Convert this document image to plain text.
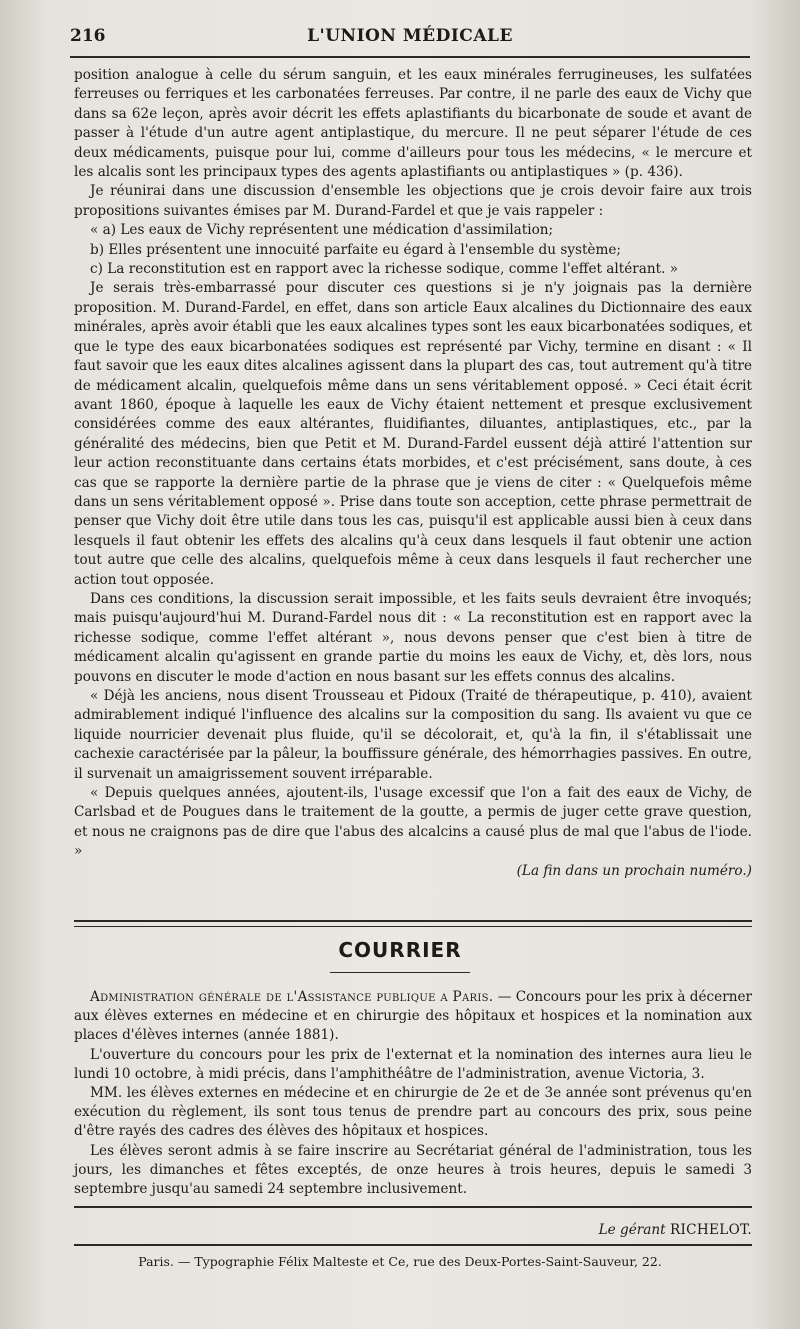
216	L'UNION MÉDICALE

position analogue à celle du sérum sanguin, et les eaux minérales ferrugineuses, les sulfatées ferreuses ou ferriques et les carbonatées ferreuses. Par contre, il ne parle des eaux de Vichy que dans sa 62e leçon, après avoir décrit les effets aplastifiants du bicarbonate de soude et avant de passer à l'étude d'un autre agent antiplastique, du mercure. Il ne peut séparer l'étude de ces deux médicaments, puisque pour lui, comme d'ailleurs pour tous les médecins, « le mercure et les alcalis sont les principaux types des agents aplastifiants ou antiplastiques » (p. 436).

Je réunirai dans une discussion d'ensemble les objections que je crois devoir faire aux trois propositions suivantes émises par M. Durand-Fardel et que je vais rappeler :

« a) Les eaux de Vichy représentent une médication d'assimilation;

b) Elles présentent une innocuité parfaite eu égard à l'ensemble du système;

c) La reconstitution est en rapport avec la richesse sodique, comme l'effet altérant. »

Je serais très-embarrassé pour discuter ces questions si je n'y joignais pas la dernière proposition. M. Durand-Fardel, en effet, dans son article Eaux alcalines du Dictionnaire des eaux minérales, après avoir établi que les eaux alcalines types sont les eaux bicarbonatées sodiques, et que le type des eaux bicarbonatées sodiques est représenté par Vichy, termine en disant : « Il faut savoir que les eaux dites alcalines agissent dans la plupart des cas, tout autrement qu'à titre de médicament alcalin, quelquefois même dans un sens véritablement opposé. » Ceci était écrit avant 1860, époque à laquelle les eaux de Vichy étaient nettement et presque exclusivement considérées comme des eaux altérantes, fluidifiantes, diluantes, antiplastiques, etc., par la généralité des médecins, bien que Petit et M. Durand-Fardel eussent déjà attiré l'attention sur leur action reconstituante dans certains états morbides, et c'est précisément, sans doute, à ces cas que se rapporte la dernière partie de la phrase que je viens de citer : « Quelquefois même dans un sens véritablement opposé ». Prise dans toute son acception, cette phrase permettrait de penser que Vichy doit être utile dans tous les cas, puisqu'il est applicable aussi bien à ceux dans lesquels il faut obtenir les effets des alcalins qu'à ceux dans lesquels il faut obtenir une action tout autre que celle des alcalins, quelquefois même à ceux dans lesquels il faut rechercher une action tout opposée.

Dans ces conditions, la discussion serait impossible, et les faits seuls devraient être invoqués; mais puisqu'aujourd'hui M. Durand-Fardel nous dit : « La reconstitution est en rapport avec la richesse sodique, comme l'effet altérant », nous devons penser que c'est bien à titre de médicament alcalin qu'agissent en grande partie du moins les eaux de Vichy, et, dès lors, nous pouvons en discuter le mode d'action en nous basant sur les effets connus des alcalins.

« Déjà les anciens, nous disent Trousseau et Pidoux (Traité de thérapeutique, p. 410), avaient admirablement indiqué l'influence des alcalins sur la composition du sang. Ils avaient vu que ce liquide nourricier devenait plus fluide, qu'il se décolorait, et, qu'à la fin, il s'établissait une cachexie caractérisée par la pâleur, la bouffissure générale, des hémorrhagies passives. En outre, il survenait un amaigrissement souvent irréparable.

« Depuis quelques années, ajoutent-ils, l'usage excessif que l'on a fait des eaux de Vichy, de Carlsbad et de Pougues dans le traitement de la goutte, a permis de juger cette grave question, et nous ne craignons pas de dire que l'abus des alcalcins a causé plus de mal que l'abus de l'iode. »

(La fin dans un prochain numéro.)

COURRIER

Administration générale de l'Assistance publique a Paris. — Concours pour les prix à décerner aux élèves externes en médecine et en chirurgie des hôpitaux et hospices et la nomination aux places d'élèves internes (année 1881).

L'ouverture du concours pour les prix de l'externat et la nomination des internes aura lieu le lundi 10 octobre, à midi précis, dans l'amphithéâtre de l'administration, avenue Victoria, 3.

MM. les élèves externes en médecine et en chirurgie de 2e et de 3e année sont prévenus qu'en exécution du règlement, ils sont tous tenus de prendre part au concours des prix, sous peine d'être rayés des cadres des élèves des hôpitaux et hospices.

Les élèves seront admis à se faire inscrire au Secrétariat général de l'administration, tous les jours, les dimanches et fêtes exceptés, de onze heures à trois heures, depuis le samedi 3 septembre jusqu'au samedi 24 septembre inclusivement.

Le gérant RICHELOT.
Paris. — Typographie Félix Malteste et Ce, rue des Deux-Portes-Saint-Sauveur, 22.
